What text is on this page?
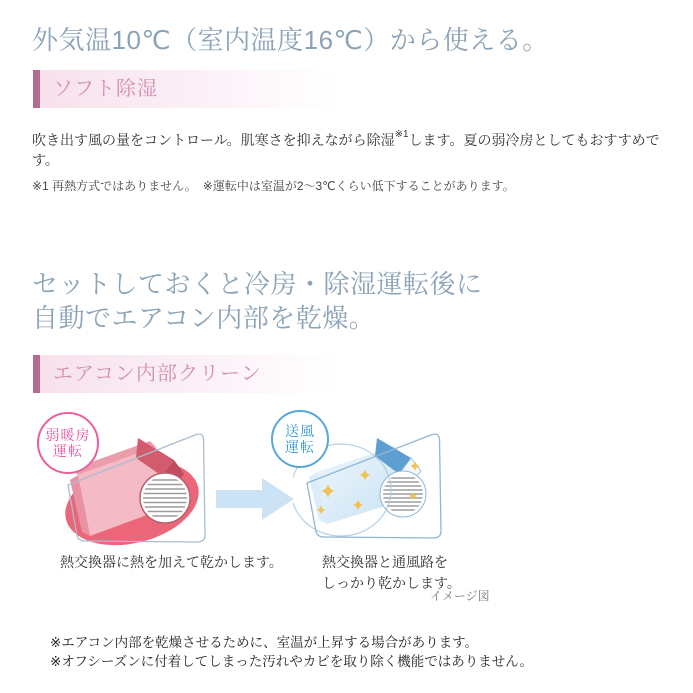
外気温10℃（室内温度16℃）から使える。
ソフト除湿

吹き出す風の量をコントロール。肌寒さを抑えながら除湿$^{※1}$します。夏の弱冷房としてもおすすめです。

※1 再熱方式ではありません。　※運転中は室温が2～3℃くらい低下することがあります。

セットしておくと冷房・除湿運転後に
自動でエアコン内部を乾燥。
エアコン内部クリーン
弱暖房
運転
送風
運転
熱交換器に熱を加えて乾かします。	熱交換器と通風路を
しっかり乾かします。
イメージ図
※エアコン内部を乾燥させるために、室温が上昇する場合があります。
※オフシーズンに付着してしまった汚れやカビを取り除く機能ではありません。
